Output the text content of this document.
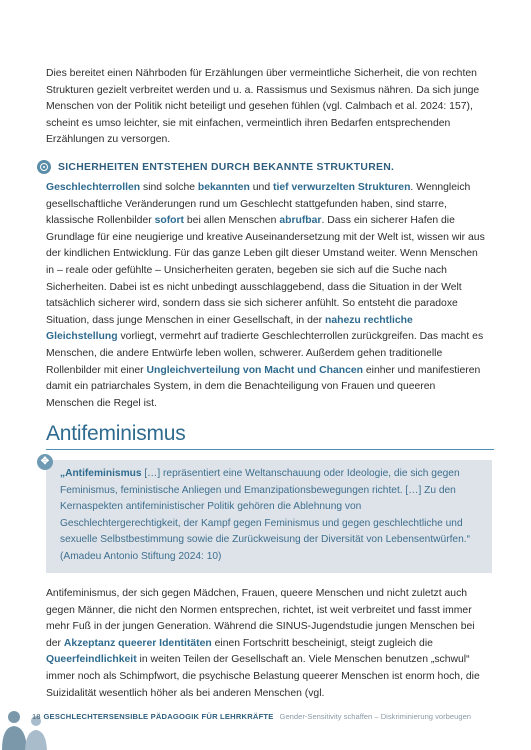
Dies bereitet einen Nährboden für Erzählungen über vermeintliche Sicherheit, die von rechten Strukturen gezielt verbreitet werden und u. a. Rassismus und Sexismus nähren. Da sich junge Menschen von der Politik nicht beteiligt und gesehen fühlen (vgl. Calmbach et al. 2024: 157), scheint es umso leichter, sie mit einfachen, vermeintlich ihren Bedarfen entsprechenden Erzählungen zu versorgen.

SICHERHEITEN ENTSTEHEN DURCH BEKANNTE STRUKTUREN.

Geschlechterrollen sind solche bekannten und tief verwurzelten Strukturen. Wenngleich gesellschaftliche Veränderungen rund um Geschlecht stattgefunden haben, sind starre, klassische Rollenbilder sofort bei allen Menschen abrufbar. Dass ein sicherer Hafen die Grundlage für eine neugierige und kreative Auseinandersetzung mit der Welt ist, wissen wir aus der kindlichen Entwicklung. Für das ganze Leben gilt dieser Umstand weiter. Wenn Menschen in – reale oder gefühlte – Unsicherheiten geraten, begeben sie sich auf die Suche nach Sicherheiten. Dabei ist es nicht unbedingt ausschlaggebend, dass die Situation in der Welt tatsächlich sicherer wird, sondern dass sie sich sicherer anfühlt. So entsteht die paradoxe Situation, dass junge Menschen in einer Gesellschaft, in der nahezu rechtliche Gleichstellung vorliegt, vermehrt auf tradierte Geschlechterrollen zurückgreifen. Das macht es Menschen, die andere Entwürfe leben wollen, schwerer. Außerdem gehen traditionelle Rollenbilder mit einer Ungleichverteilung von Macht und Chancen einher und manifestieren damit ein patriarchales System, in dem die Benachteiligung von Frauen und queeren Menschen die Regel ist.

Antifeminismus
✥

„Antifeminismus […] repräsentiert eine Weltanschauung oder Ideologie, die sich gegen Feminismus, feministische Anliegen und Emanzipationsbewegungen richtet. […] Zu den Kernaspekten antifeministischer Politik gehören die Ablehnung von Geschlechtergerechtigkeit, der Kampf gegen Feminismus und gegen geschlechtliche und sexuelle Selbstbestimmung sowie die Zurückweisung der Diversität von Lebensentwürfen.“ (Amadeu Antonio Stiftung 2024: 10)

Antifeminismus, der sich gegen Mädchen, Frauen, queere Menschen und nicht zuletzt auch gegen Männer, die nicht den Normen entsprechen, richtet, ist weit verbreitet und fasst immer mehr Fuß in der jungen Generation. Während die SINUS-Jugendstudie jungen Menschen bei der Akzeptanz queerer Identitäten einen Fortschritt bescheinigt, steigt zugleich die Queerfeindlichkeit in weiten Teilen der Gesellschaft an. Viele Menschen benutzen „schwul“ immer noch als Schimpfwort, die psychische Belastung queerer Menschen ist enorm hoch, die Suizidalität wesentlich höher als bei anderen Menschen (vgl.

18 GESCHLECHTERSENSIBLE PÄDAGOGIK FÜR LEHRKRÄFTE Gender-Sensitivity schaffen – Diskriminierung vorbeugen
